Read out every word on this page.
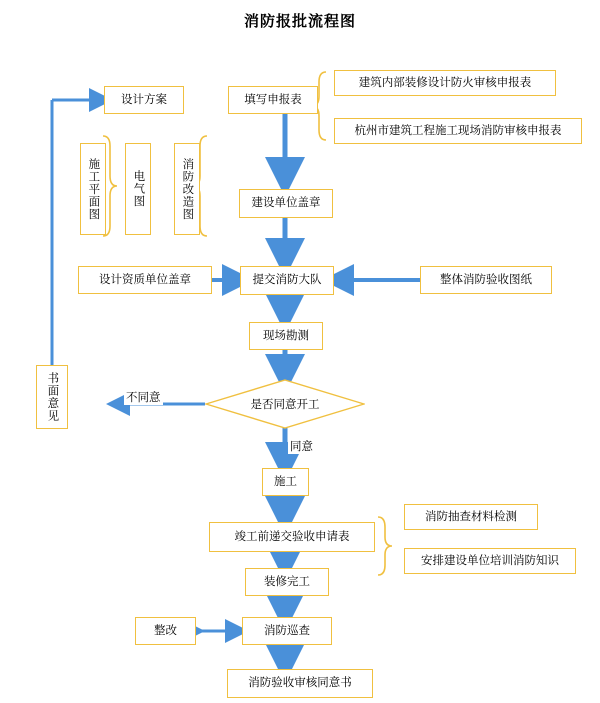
消防报批流程图
设计方案	填写申报表
建筑内部装修设计防火审核申报表
杭州市建筑工程施工现场消防审核申报表
建设单位盖章
设计资质单位盖章	提交消防大队	整体消防验收图纸
现场勘测
是否同意开工
不同意
同意
书面意见
施工
竣工前递交验收申请表
消防抽查材料检测
安排建设单位培训消防知识
装修完工
整改	消防巡查
消防验收审核同意书
施工平面图	电气图	消防改造图
